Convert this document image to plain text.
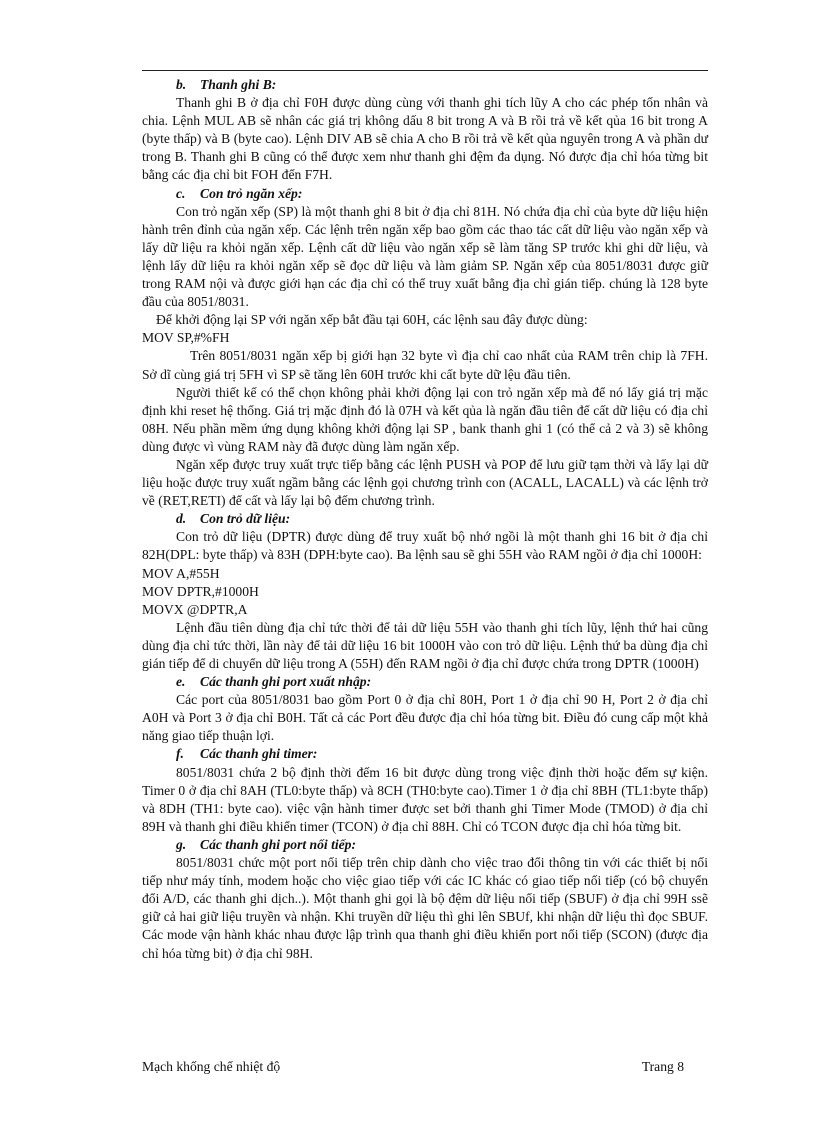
b. Thanh ghi B:

Thanh ghi B ở địa chỉ F0H được dùng cùng với thanh ghi tích lũy A cho các phép tốn nhân và chia. Lệnh MUL AB sẽ nhân các giá trị không dấu 8 bit trong A và B rồi trả về kết qủa 16 bit trong A (byte thấp) và B (byte cao). Lệnh DIV AB sẽ chia A cho B rồi trả về kết qủa nguyên trong A và phần dư trong B. Thanh ghi B cũng có thể được xem như thanh ghi đệm đa dụng. Nó được địa chỉ hóa từng bit bằng các địa chỉ bit FOH đến F7H.

c. Con trỏ ngăn xếp:

Con trỏ ngăn xếp (SP) là một thanh ghi 8 bit ở địa chỉ 81H. Nó chứa địa chỉ của byte dữ liệu hiện hành trên đỉnh của ngăn xếp. Các lệnh trên ngăn xếp bao gồm các thao tác cất dữ liệu vào ngăn xếp và lấy dữ liệu ra khỏi ngăn xếp. Lệnh cất dữ liệu vào ngăn xếp sẽ làm tăng SP trước khi ghi dữ liệu, và lệnh lấy dữ liệu ra khỏi ngăn xếp sẽ đọc dữ liệu và làm giảm SP. Ngăn xếp của 8051/8031 được giữ trong RAM nội và được giới hạn các địa chỉ có thể truy xuất bằng địa chỉ gián tiếp. chúng là 128 byte đầu của 8051/8031.

Để khởi động lại SP với ngăn xếp bắt đầu tại 60H, các lệnh sau đây được dùng:

MOV SP,#%FH

Trên 8051/8031 ngăn xếp bị giới hạn 32 byte vì địa chỉ cao nhất của RAM trên chip là 7FH. Sở dĩ cùng giá trị 5FH vì SP sẽ tăng lên 60H trước khi cất byte dữ lệu đầu tiên.

Người thiết kế có thể chọn không phải khởi động lại con trỏ ngăn xếp mà để nó lấy giá trị mặc định khi reset hệ thống. Giá trị mặc định đó là 07H và kết qủa là ngăn đầu tiên để cất dữ liệu có địa chỉ 08H. Nếu phần mềm ứng dụng không khởi động lại SP , bank thanh ghi 1 (có thể cả 2 và 3) sẽ không dùng được vì vùng RAM này đã được dùng làm ngăn xếp.

Ngăn xếp được truy xuất trực tiếp bằng các lệnh PUSH và POP để lưu giữ tạm thời và lấy lại dữ liệu hoặc được truy xuất ngầm bằng các lệnh gọi chương trình con (ACALL, LACALL) và các lệnh trở về (RET,RETI) để cất và lấy lại bộ đếm chương trình.

d. Con trỏ dữ liệu:

Con trỏ dữ liệu (DPTR) được dùng để truy xuất bộ nhớ ngồi là một thanh ghi 16 bit ở địa chỉ 82H(DPL: byte thấp) và 83H (DPH:byte cao). Ba lệnh sau sẽ ghi 55H vào RAM ngồi ở địa chỉ 1000H:

MOV A,#55H

MOV DPTR,#1000H

MOVX @DPTR,A

Lệnh đầu tiên dùng địa chỉ tức thời để tải dữ liệu 55H vào thanh ghi tích lũy, lệnh thứ hai cũng dùng địa chỉ tức thời, lần này để tải dữ liệu 16 bit 1000H vào con trỏ dữ liệu. Lệnh thứ ba dùng địa chỉ gián tiếp để di chuyển dữ liệu trong A (55H) đến RAM ngồi ở địa chỉ được chứa trong DPTR (1000H)

e. Các thanh ghi port xuất nhập:

Các port của 8051/8031 bao gồm Port 0 ở địa chỉ 80H, Port 1 ở địa chỉ 90 H, Port 2 ở địa chỉ A0H và Port 3 ở địa chỉ B0H. Tất cả các Port đều được địa chỉ hóa từng bit. Điều đó cung cấp một khả năng giao tiếp thuận lợi.

f. Các thanh ghi timer:

8051/8031 chứa 2 bộ định thời đếm 16 bit được dùng trong việc định thời hoặc đếm sự kiện. Timer 0 ở địa chỉ 8AH (TL0:byte thấp) và 8CH (TH0:byte cao).Timer 1 ở địa chỉ 8BH (TL1:byte thấp) và 8DH (TH1: byte cao). việc vận hành timer được set bởi thanh ghi Timer Mode (TMOD) ở địa chỉ 89H và thanh ghi điều khiển timer (TCON) ở địa chỉ 88H. Chỉ có TCON được địa chỉ hóa từng bit.

g. Các thanh ghi port nối tiếp:

8051/8031 chức một port nối tiếp trên chip dành cho việc trao đổi thông tin với các thiết bị nối tiếp như máy tính, modem hoặc cho việc giao tiếp với các IC khác có giao tiếp nối tiếp (có bộ chuyển đổi A/D, các thanh ghi dịch..). Một thanh ghi gọi là bộ đệm dữ liệu nối tiếp (SBUF) ở địa chỉ 99H ssẽ giữ cả hai giữ liệu truyền và nhận. Khi truyền dữ liệu thì ghi lên SBUf, khi nhận dữ liệu thì đọc SBUF. Các mode vận hành khác nhau được lập trình qua thanh ghi điều khiển port nối tiếp (SCON) (được địa chỉ hóa từng bit) ở địa chỉ 98H.

Mạch khống chế nhiệt độ	Trang 8
